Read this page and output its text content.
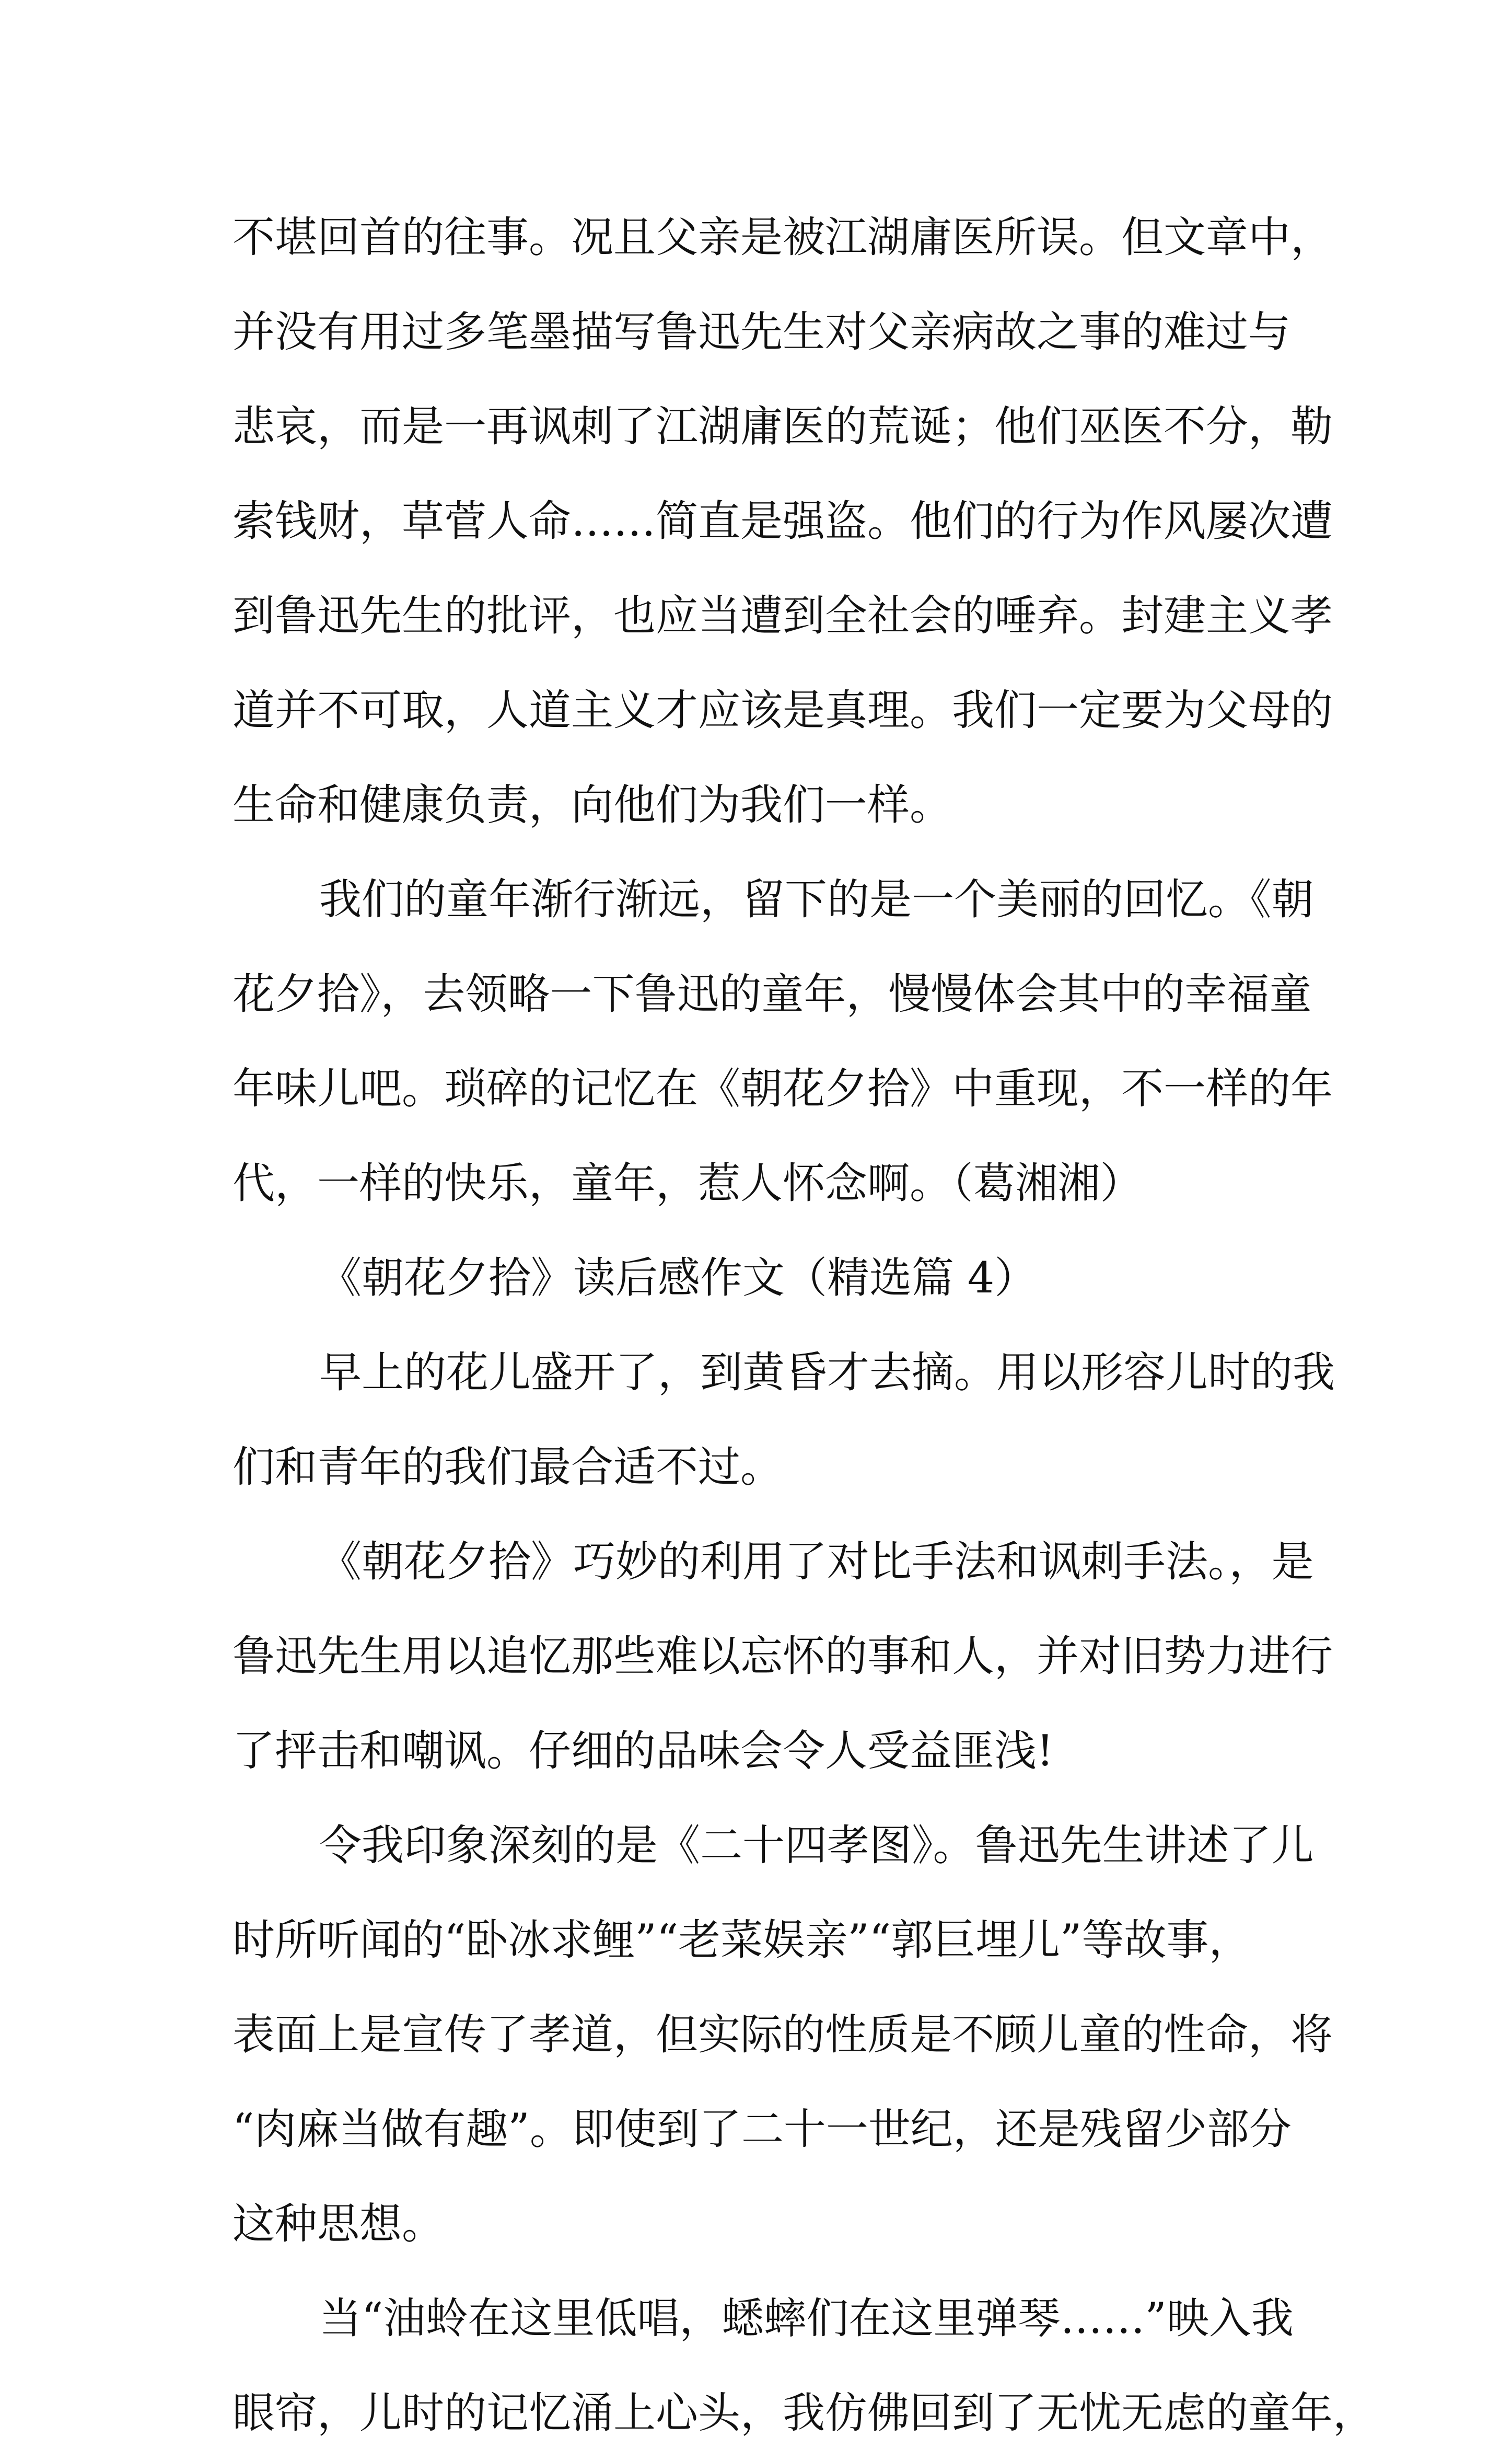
不堪回首的往事。况且父亲是被江湖庸医所误。但文章中，
并没有用过多笔墨描写鲁迅先生对父亲病故之事的难过与
悲哀，而是一再讽刺了江湖庸医的荒诞；他们巫医不分，勒
索钱财，草菅人命……简直是强盗。他们的行为作风屡次遭
到鲁迅先生的批评，也应当遭到全社会的唾弃。封建主义孝
道并不可取，人道主义才应该是真理。我们一定要为父母的
生命和健康负责，向他们为我们一样。
我们的童年渐行渐远，留下的是一个美丽的回忆。《朝
花夕拾》，去领略一下鲁迅的童年，慢慢体会其中的幸福童
年味儿吧。琐碎的记忆在《朝花夕拾》中重现，不一样的年
代，一样的快乐，童年，惹人怀念啊。（葛湘湘）
《朝花夕拾》读后感作文（精选篇 4）
早上的花儿盛开了，到黄昏才去摘。用以形容儿时的我
们和青年的我们最合适不过。
《朝花夕拾》巧妙的利用了对比手法和讽刺手法。，是
鲁迅先生用以追忆那些难以忘怀的事和人，并对旧势力进行
了抨击和嘲讽。仔细的品味会令人受益匪浅!
令我印象深刻的是《二十四孝图》。鲁迅先生讲述了儿
时所听闻的“卧冰求鲤”“老菜娱亲”“郭巨埋儿”等故事，
表面上是宣传了孝道，但实际的性质是不顾儿童的性命，将
“肉麻当做有趣”。即使到了二十一世纪，还是残留少部分
这种思想。
当“油蛉在这里低唱，蟋蟀们在这里弹琴……”映入我
眼帘，儿时的记忆涌上心头，我仿佛回到了无忧无虑的童年，
